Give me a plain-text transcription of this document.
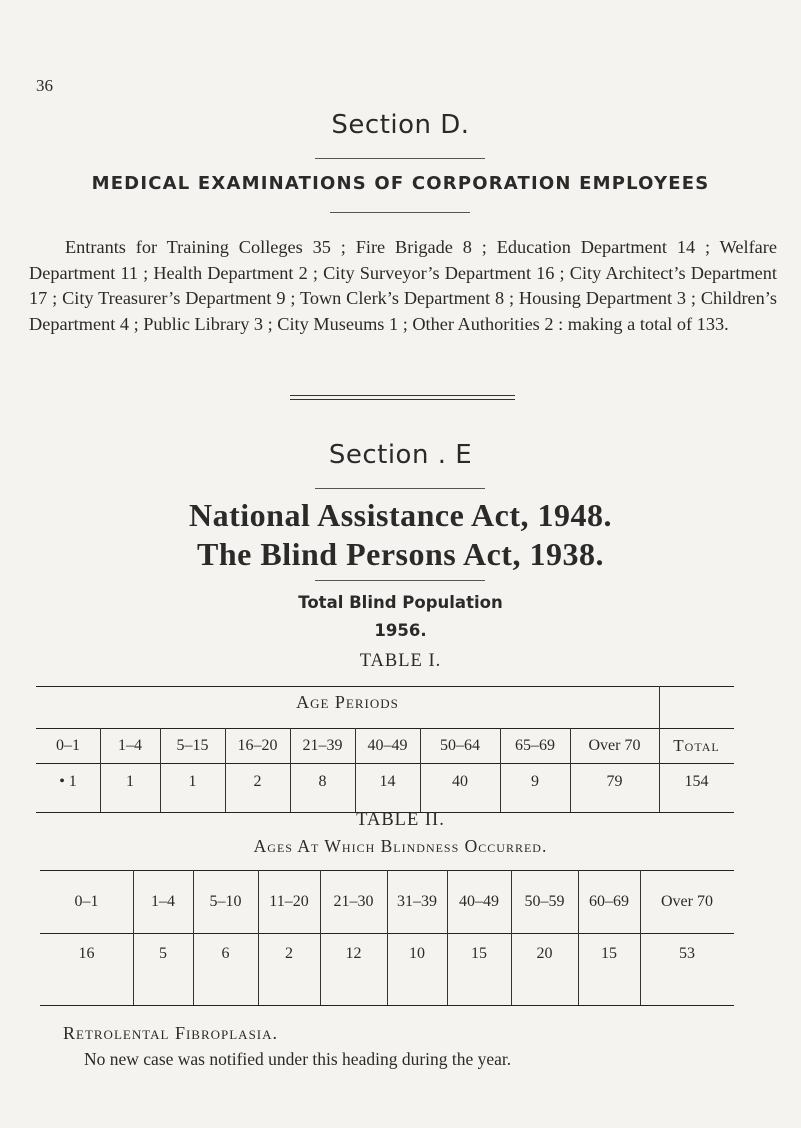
36
Section D.
MEDICAL EXAMINATIONS OF CORPORATION EMPLOYEES
Entrants for Training Colleges 35 ; Fire Brigade 8 ; Education Department 14 ; Welfare Department 11 ; Health Department 2 ; City Surveyor’s Department 16 ; City Architect’s Department 17 ; City Treasurer’s Department 9 ; Town Clerk’s Department 8 ; Housing Department 3 ; Children’s Department 4 ; Public Library 3 ; City Museums 1 ; Other Authorities 2 : making a total of 133.
Section . E
National Assistance Act, 1948.
The Blind Persons Act, 1938.
Total Blind Population
1956.
TABLE I.
Age Periods
Total
154
0–1
• 1
1–4
1
5–15
1
16–20
2
21–39
8
40–49
14
50–64
40
65–69
9
Over 70
79
TABLE II.
Ages At Which Blindness Occurred.
0–1
16
1–4
5
5–10
6
11–20
2
21–30
12
31–39
10
40–49
15
50–59
20
60–69
15
Over 70
53
Retrolental Fibroplasia.
No new case was notified under this heading during the year.
